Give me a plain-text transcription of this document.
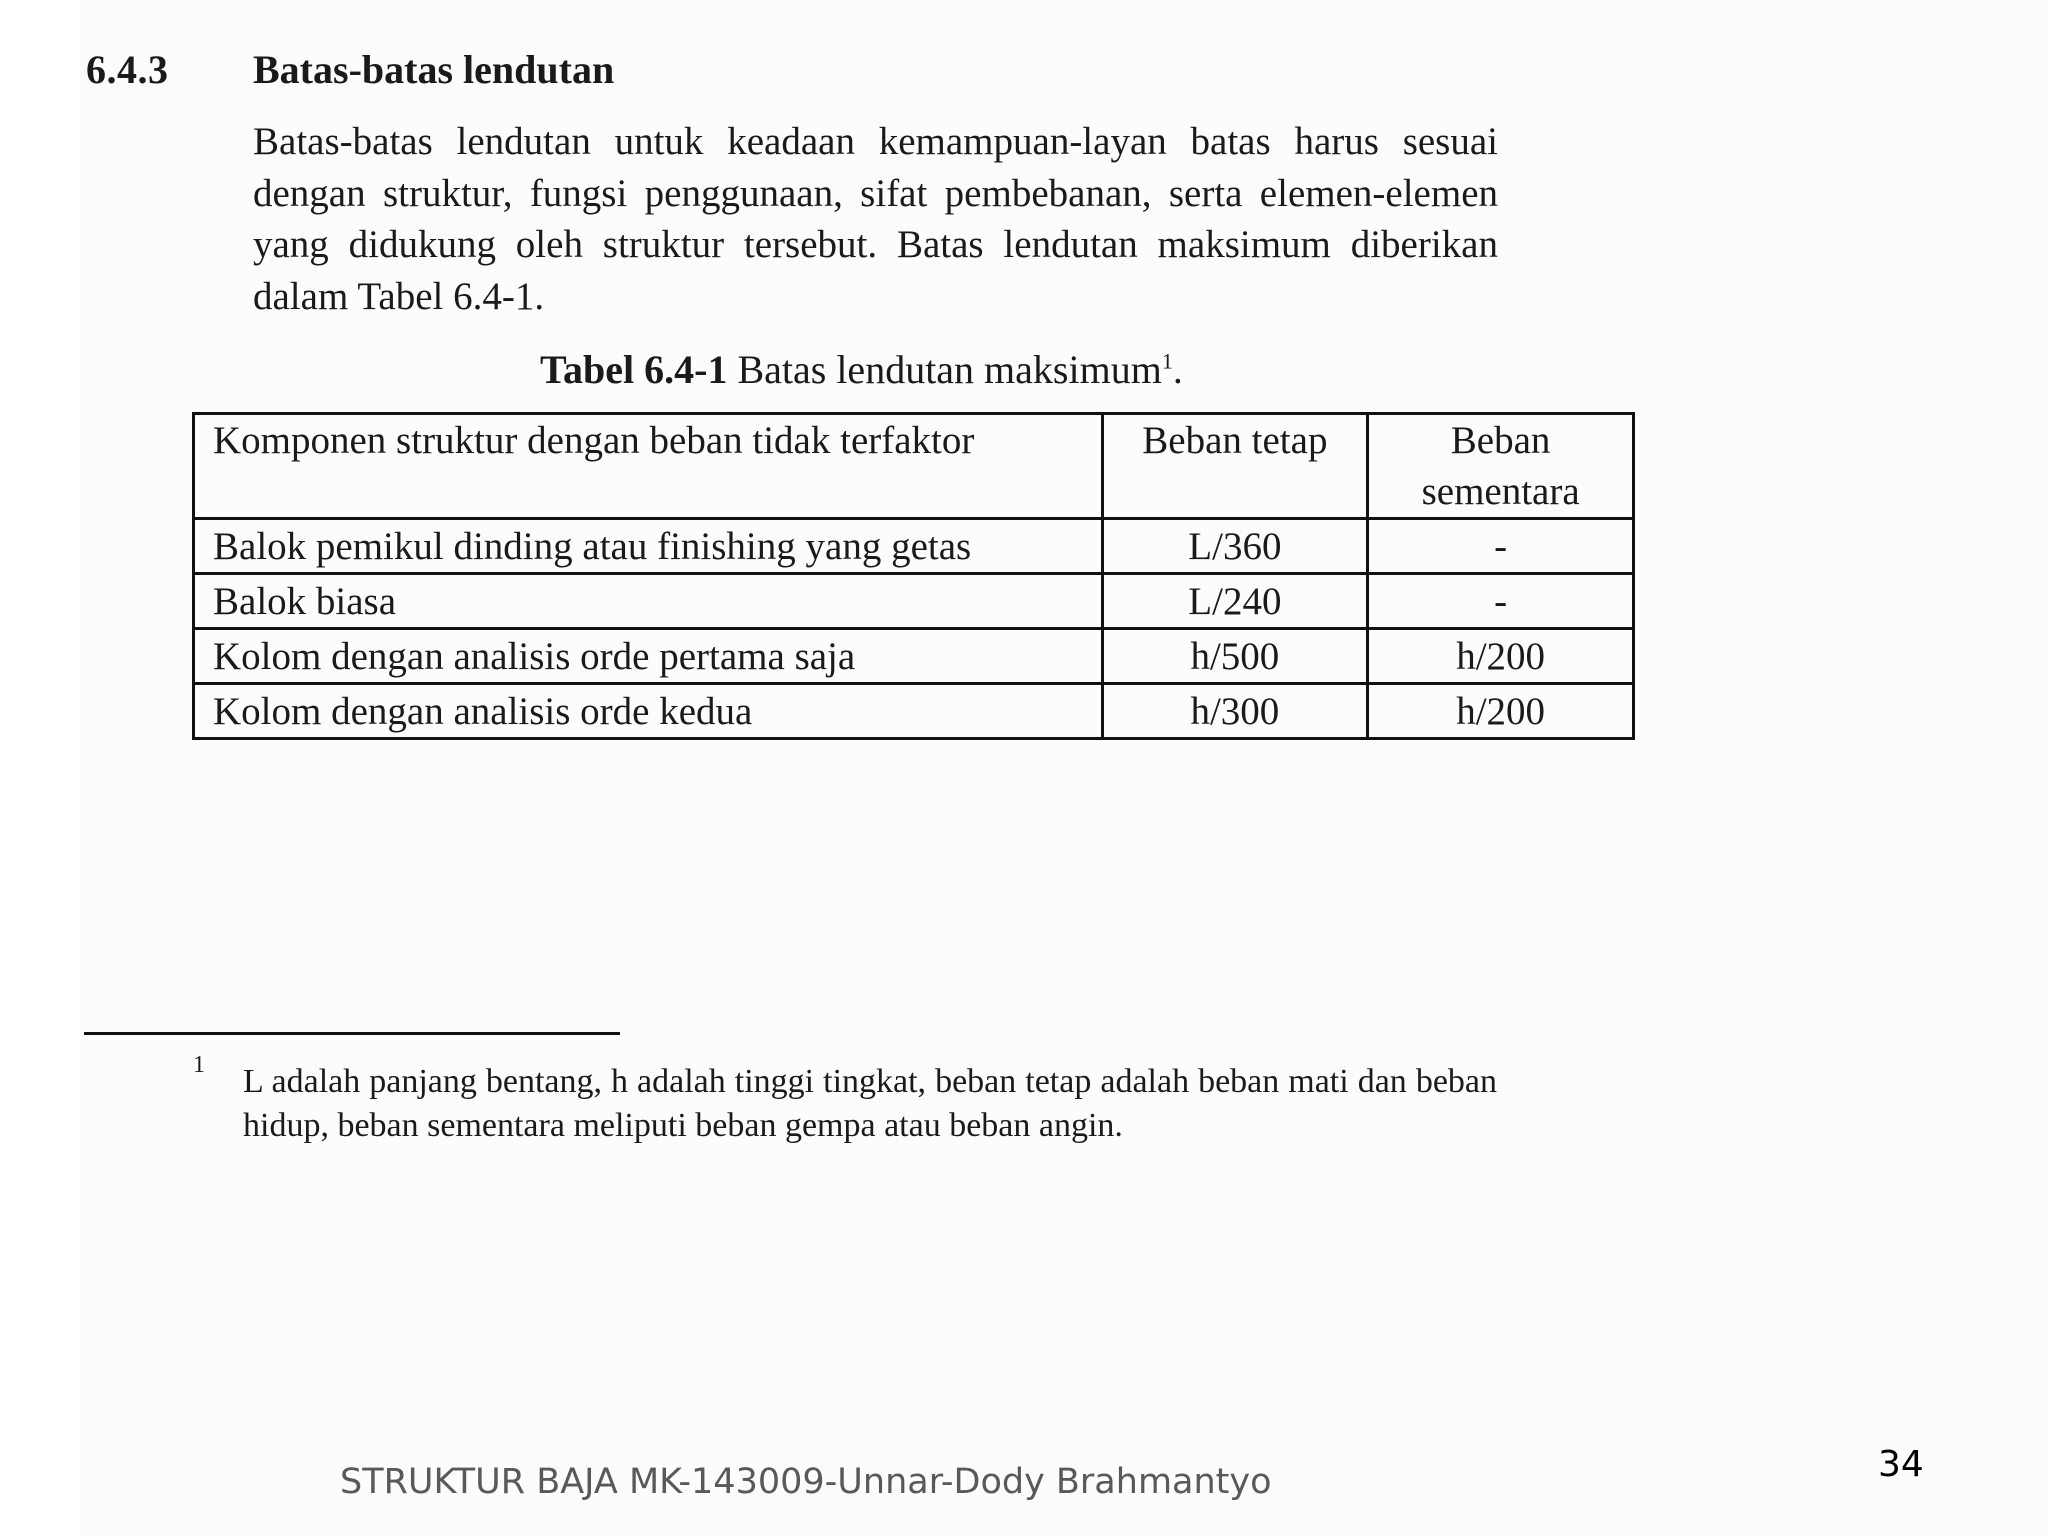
6.4.3 Batas-batas lendutan

Batas-batas lendutan untuk keadaan kemampuan-layan batas harus sesuai dengan struktur, fungsi penggunaan, sifat pembebanan, serta elemen-elemen yang didukung oleh struktur tersebut. Batas lendutan maksimum diberikan dalam Tabel 6.4-1.

Tabel 6.4-1 Batas lendutan maksimum$^1$.
Komponen struktur dengan beban tidak terfaktor	Beban tetap	Beban sementara
Balok pemikul dinding atau finishing yang getas	L/360	-
Balok biasa	L/240	-
Kolom dengan analisis orde pertama saja	h/500	h/200
Kolom dengan analisis orde kedua	h/300	h/200
1 L adalah panjang bentang, h adalah tinggi tingkat, beban tetap adalah beban mati dan beban hidup, beban sementara meliputi beban gempa atau beban angin.

STRUKTUR BAJA MK-143009-Unnar-Dody Brahmantyo	34
